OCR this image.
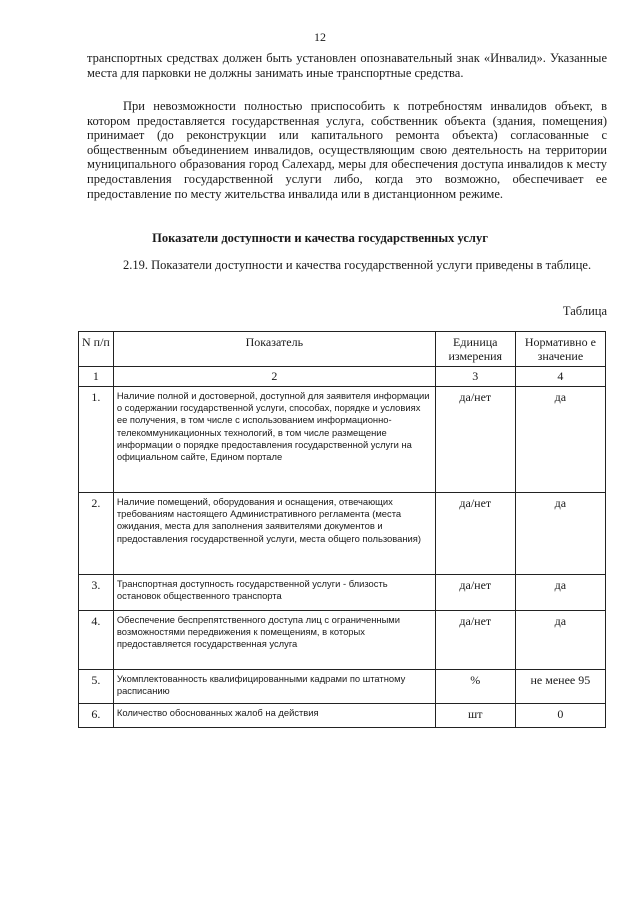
12

транспортных средствах должен быть установлен опознавательный знак «Инвалид». Указанные места для парковки не должны занимать иные транспортные средства.

При невозможности полностью приспособить к потребностям инвалидов объект, в котором предоставляется государственная услуга, собственник объекта (здания, помещения) принимает (до реконструкции или капитального ремонта объекта) согласованные с общественным объединением инвалидов, осуществляющим свою деятельность на территории муниципального образования город Салехард, меры для обеспечения доступа инвалидов к месту предоставления государственной услуги либо, когда это возможно, обеспечивает ее предоставление по месту жительства инвалида или в дистанционном режиме.

Показатели доступности и качества государственных услуг

2.19. Показатели доступности и качества государственной услуги приведены в таблице.

Таблица
N п/п	Показатель	Единица измерения	Нормативно е значение
1	2	3	4
1.	Наличие полной и достоверной, доступной для заявителя информации о содержании государственной услуги, способах, порядке и условиях ее получения, в том числе с использованием информационно-телекоммуникационных технологий, в том числе размещение информации о порядке предоставления государственной услуги на официальном сайте, Едином портале	да/нет	да
2.	Наличие помещений, оборудования и оснащения, отвечающих требованиям настоящего Административного регламента (места ожидания, места для заполнения заявителями документов и предоставления государственной услуги, места общего пользования)	да/нет	да
3.	Транспортная доступность государственной услуги - близость остановок общественного транспорта	да/нет	да
4.	Обеспечение беспрепятственного доступа лиц с ограниченными возможностями передвижения к помещениям, в которых предоставляется государственная услуга	да/нет	да
5.	Укомплектованность квалифицированными кадрами по штатному расписанию	%	не менее 95
6.	Количество обоснованных жалоб на действия	шт	0
